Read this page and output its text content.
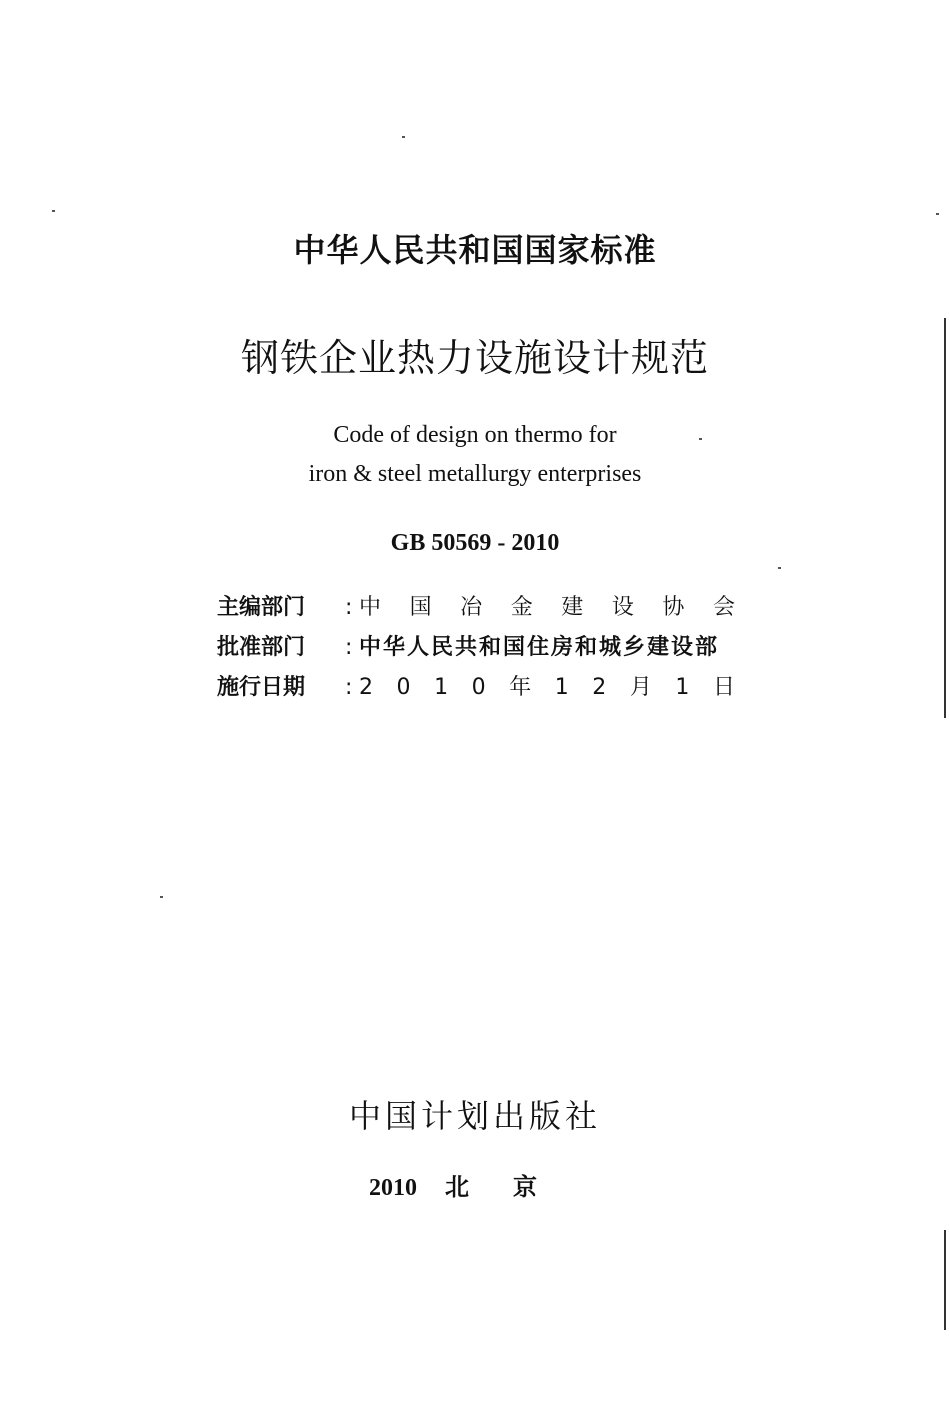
中华人民共和国国家标准
钢铁企业热力设施设计规范
Code of design on thermo for
iron & steel metallurgy enterprises
GB 50569 - 2010
主编部门	: 中 国 冶 金 建 设 协 会
批准部门	: 中华人民共和国住房和城乡建设部
施行日期	: 2 0 1 0 年 1 2 月 1 日
中国计划出版社
2010 北京
